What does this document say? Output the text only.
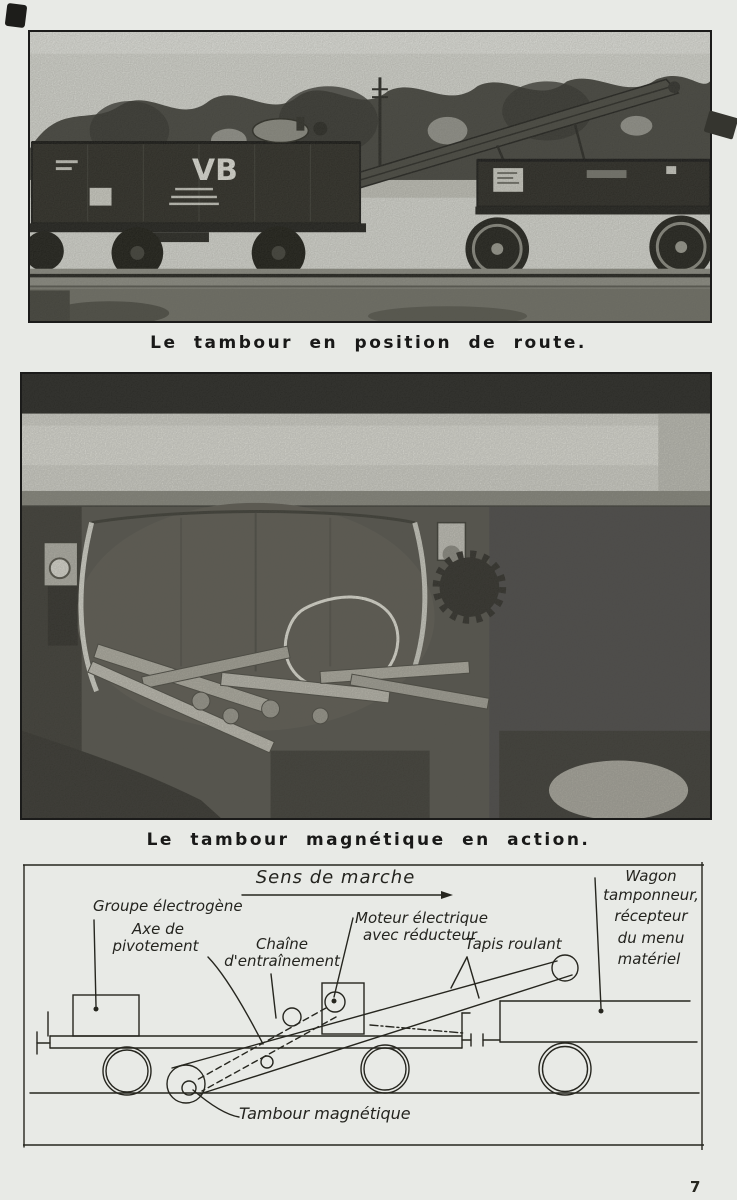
VB
Le tambour en position de route.
Le tambour magnétique en action.
Sens de marche
Groupe électrogène
Axe de
pivotement	Chaîne
d'entraînement
Moteur électrique
avec réducteur
Tapis roulant
Wagon
tamponneur,
récepteur
du menu
matériel
Tambour magnétique
7
